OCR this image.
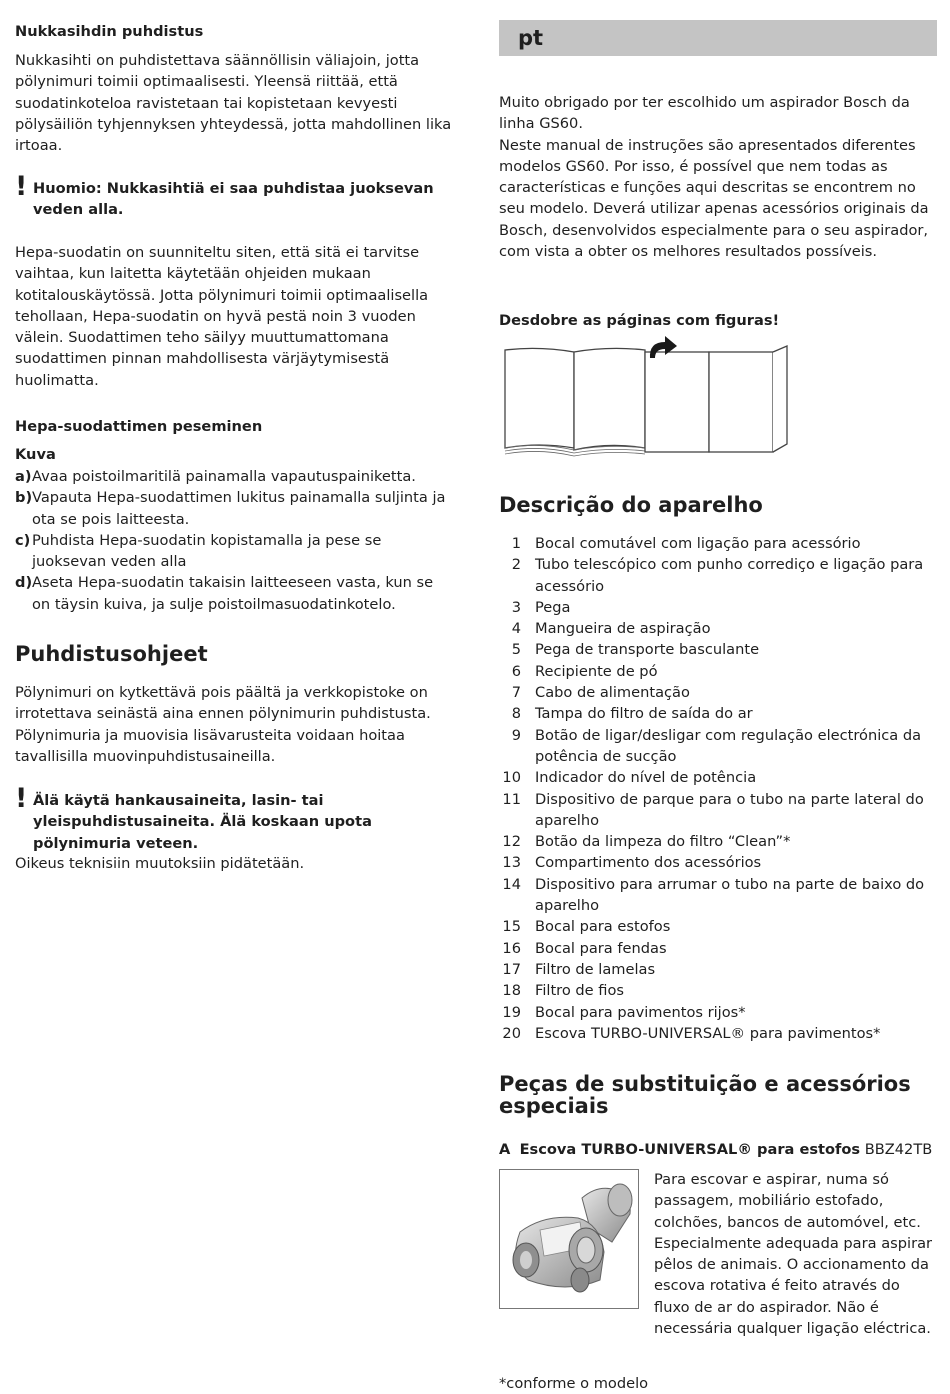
Nukkasihdin puhdistus
Nukkasihti on puhdistettava säännöllisin väliajoin, jotta pölynimuri toimii optimaalisesti. Yleensä riittää, että suodatinkoteloa ravistetaan tai kopistetaan kevyesti pölysäiliön tyhjennyksen yhteydessä, jotta mahdollinen lika irtoaa.
! Huomio: Nukkasihtiä ei saa puhdistaa juoksevan veden alla.
Hepa-suodatin on suunniteltu siten, että sitä ei tarvitse vaihtaa, kun laitetta käytetään ohjeiden mukaan kotitalouskäytössä. Jotta pölynimuri toimii optimaalisella tehollaan, Hepa-suodatin on hyvä pestä noin 3 vuoden välein. Suodattimen teho säilyy muuttumattomana suodattimen pinnan mahdollisesta värjäytymisestä huolimatta.
Hepa-suodattimen peseminen
Kuva
a) Avaa poistoilmaritilä painamalla vapautuspainiketta.
b) Vapauta Hepa-suodattimen lukitus painamalla suljinta ja ota se pois laitteesta.
c) Puhdista Hepa-suodatin kopistamalla ja pese se juoksevan veden alla
d) Aseta Hepa-suodatin takaisin laitteeseen vasta, kun se on täysin kuiva, ja sulje poistoilmasuodatinkotelo.
Puhdistusohjeet
Pölynimuri on kytkettävä pois päältä ja verkkopistoke on irrotettava seinästä aina ennen pölynimurin puhdistusta. Pölynimuria ja muovisia lisävarusteita voidaan hoitaa tavallisilla muovinpuhdistusaineilla.
! Älä käytä hankausaineita, lasin- tai yleispuhdistusaineita. Älä koskaan upota pölynimuria veteen.
Oikeus teknisiin muutoksiin pidätetään.
pt
Muito obrigado por ter escolhido um aspirador Bosch da linha GS60.
Neste manual de instruções são apresentados diferentes modelos GS60. Por isso, é possível que nem todas as características e funções aqui descritas se encontrem no seu modelo. Deverá utilizar apenas acessórios originais da Bosch, desenvolvidos especialmente para o seu aspirador, com vista a obter os melhores resultados possíveis.
Desdobre as páginas com figuras!
Descrição do aparelho
1 Bocal comutável com ligação para acessório
2 Tubo telescópico com punho corrediço e ligação para acessório
3 Pega
4 Mangueira de aspiração
5 Pega de transporte basculante
6 Recipiente de pó
7 Cabo de alimentação
8 Tampa do filtro de saída do ar
9 Botão de ligar/desligar com regulação electrónica da potência de sucção
10 Indicador do nível de potência
11 Dispositivo de parque para o tubo na parte lateral do aparelho
12 Botão da limpeza do filtro “Clean”*
13 Compartimento dos acessórios
14 Dispositivo para arrumar o tubo na parte de baixo do aparelho
15 Bocal para estofos
16 Bocal para fendas
17 Filtro de lamelas
18 Filtro de fios
19 Bocal para pavimentos rijos*
20 Escova TURBO-UNIVERSAL® para pavimentos*
Peças de substituição e acessórios especiais
A Escova TURBO-UNIVERSAL® para estofos BBZ42TB
Para escovar e aspirar, numa só passagem, mobiliário estofado, colchões, bancos de automóvel, etc. Especialmente adequada para aspirar pêlos de animais. O accionamento da escova rotativa é feito através do fluxo de ar do aspirador. Não é necessária qualquer ligação eléctrica.
*conforme o modelo
